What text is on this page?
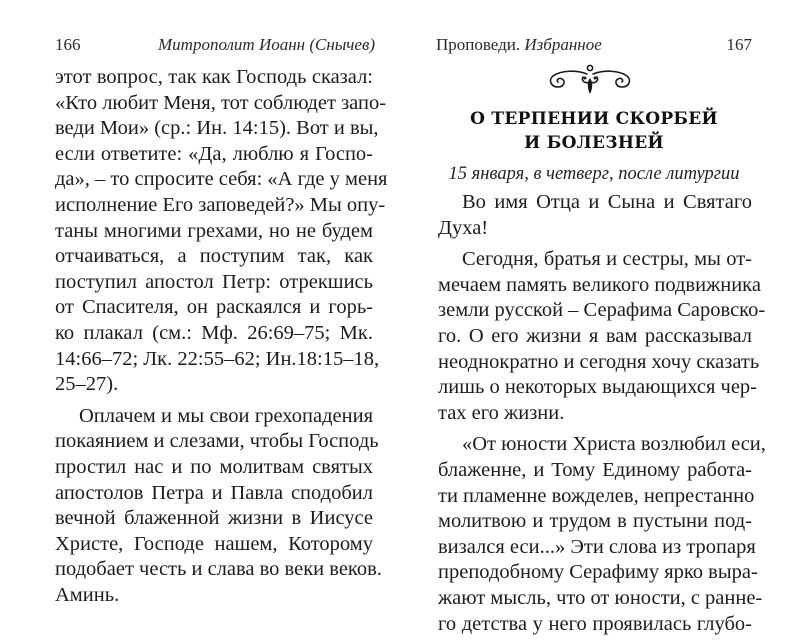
166	Митрополит Иоанн (Снычев)
этот вопрос, так как Господь сказал:
«Кто любит Меня, тот соблюдет запо-
веди Мои» (ср.: Ин. 14:15). Вот и вы,
если ответите: «Да, люблю я Госпо-
да», – то спросите себя: «А где у меня
исполнение Его заповедей?» Мы опу-
таны многими грехами, но не будем
отчаиваться, а поступим так, как
поступил апостол Петр: отрекшись
от Спасителя, он раскаялся и горь-
ко плакал (см.: Мф. 26:69–75; Мк.
14:66–72; Лк. 22:55–62; Ин.18:15–18,
25–27).
Оплачем и мы свои грехопадения
покаянием и слезами, чтобы Господь
простил нас и по молитвам святых
апостолов Петра и Павла сподобил
вечной блаженной жизни в Иисусе
Христе, Господе нашем, Которому
подобает честь и слава во веки веков.
Аминь.
Проповеди. Избранное	167
О ТЕРПЕНИИ СКОРБЕЙ
И БОЛЕЗНЕЙ
15 января, в четверг, после литургии
Во имя Отца и Сына и Святаго
Духа!
Сегодня, братья и сестры, мы от-
мечаем память великого подвижника
земли русской – Серафима Саровско-
го. О его жизни я вам рассказывал
неоднократно и сегодня хочу сказать
лишь о некоторых выдающихся чер-
тах его жизни.
«От юности Христа возлюбил еси,
блаженне, и Тому Единому работа-
ти пламенне вожделев, непрестанно
молитвою и трудом в пустыни под-
визался еси...» Эти слова из тропаря
преподобному Серафиму ярко выра-
жают мысль, что от юности, с ранне-
го детства у него проявилась глубо-
